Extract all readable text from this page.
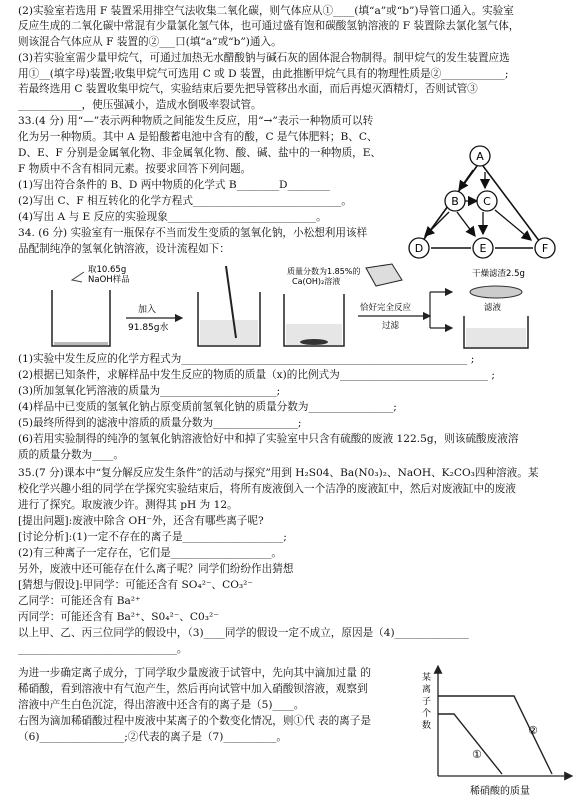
(2)实验室若选用 F 装置采用排空气法收集二氧化碳，则气体应从①____(填“a”或“b”)导管口通入。实验室
反应生成的二氧化碳中常混有少量氯化氢气体，也可通过盛有饱和碳酸氢钠溶液的 F 装置除去氯化氢气体，
则该混合气体应从 F 装置的②___口(填“a”或“b”)通入。
(3)若实验室需少量甲烷气，可通过加热无水醋酸钠与碱石灰的固体混合物制得。制甲烷气的发生装置应选
用①__(填字母)装置;收集甲烷气可选用 C 或 D 装置，由此推断甲烷气具有的物理性质是②____________;
若最终选用 C 装置收集甲烷气，实验结束后要先把导管移出水面，而后再熄灭酒精灯，否则试管③
____________，使压强减小，造成水倒吸率裂试管。
33.(4 分) 用“—”表示两种物质之间能发生反应，用“→”表示一种物质可以转
化为另一种物质。其中 A 是铅酸蓄电池中含有的酸，C 是气体肥料；B、C、
D、E、F 分别是金属氧化物、非金属氧化物、酸、碱、盐中的一种物质，E、
F 物质中不含有相同元素。按要求回答下列问题。
(1)写出符合条件的 B、D 两中物质的化学式 B________D________
(2)写出 C、F 相互转化的化学方程式____________________________。
(4)写出 A 与 E 反应的实验现象____________________________。
34. (6 分) 实验室有一瓶保存不当而发生变质的氢氧化钠，小松想利用该样
品配制纯净的氢氧化钠溶液，设计流程如下：
(1)实验中发生反应的化学方程式为______________________________________________________ ;
(2)根据已知条件，求解样品中发生反应的物质的质量（x)的比例式为____________________________ ;
(3)所加氢氧化钙溶液的质量为______________________;
(4)样品中已变质的氢氧化钠占原变质前氢氧化钠的质量分数为________________;
(5)最终所得到的滤液中溶质的质量分数为________________;
(6)若用实验制得的纯净的氢氧化钠溶液恰好中和掉了实验室中只含有硫酸的废液 122.5g，则该硫酸废液溶
质的质量分数为____。
35.(7 分)课本中“复分解反应发生条件”的活动与探究”用到 H₂S04、Ba(N0₃)₂、NaOH、K₂CO₃四种溶液。某
校化学兴趣小组的同学在学探究实验结束后，将所有废液倒入一个洁净的废液缸中，然后对废液缸中的废液
进行了探究。取废液少许。测得其 pH 为 12。
[提出问题]:废液中除含 OH⁻外，还含有哪些离子呢?
[讨论分析]:(1)一定不存在的离子是___________________;
(2)有三种离子一定存在，它们是___________________。
另外，废液中还可能存在什么离子呢？同学们纷纷作出猜想
[猜想与假设]:甲同学：可能还含有 SO₄²⁻、CO₃²⁻
乙同学：可能还含有 Ba²⁺
丙同学：可能还含有 Ba²⁺、S0₄²⁻、C0₃²⁻
以上甲、乙、丙三位同学的假设中，（3)____同学的假设一定不成立，原因是（4)______________
______________________________。
为进一步确定离子成分，丁同学取少量废液于试管中，先向其中滴加过量 的
稀硝酸，看到溶液中有气泡产生，然后再向试管中加入硝酸钡溶液，观察到
溶液中产生白色沉淀，得出溶液中还含有的离子是（5)____。
右图为滴加稀硝酸过程中废液中某离子的个数变化情况，则①代 表的离子是
（6)________________;②代表的离子是（7)__________。
A
B C
D	E	F
取10.65g NaOH样品
加入
91.85g水
质量分数为1.85%的 Ca(OH)₂溶液
恰好完全反应
过滤
干燥滤渣2.5g
滤液
某离子个数
①
②
稀硝酸的质量
